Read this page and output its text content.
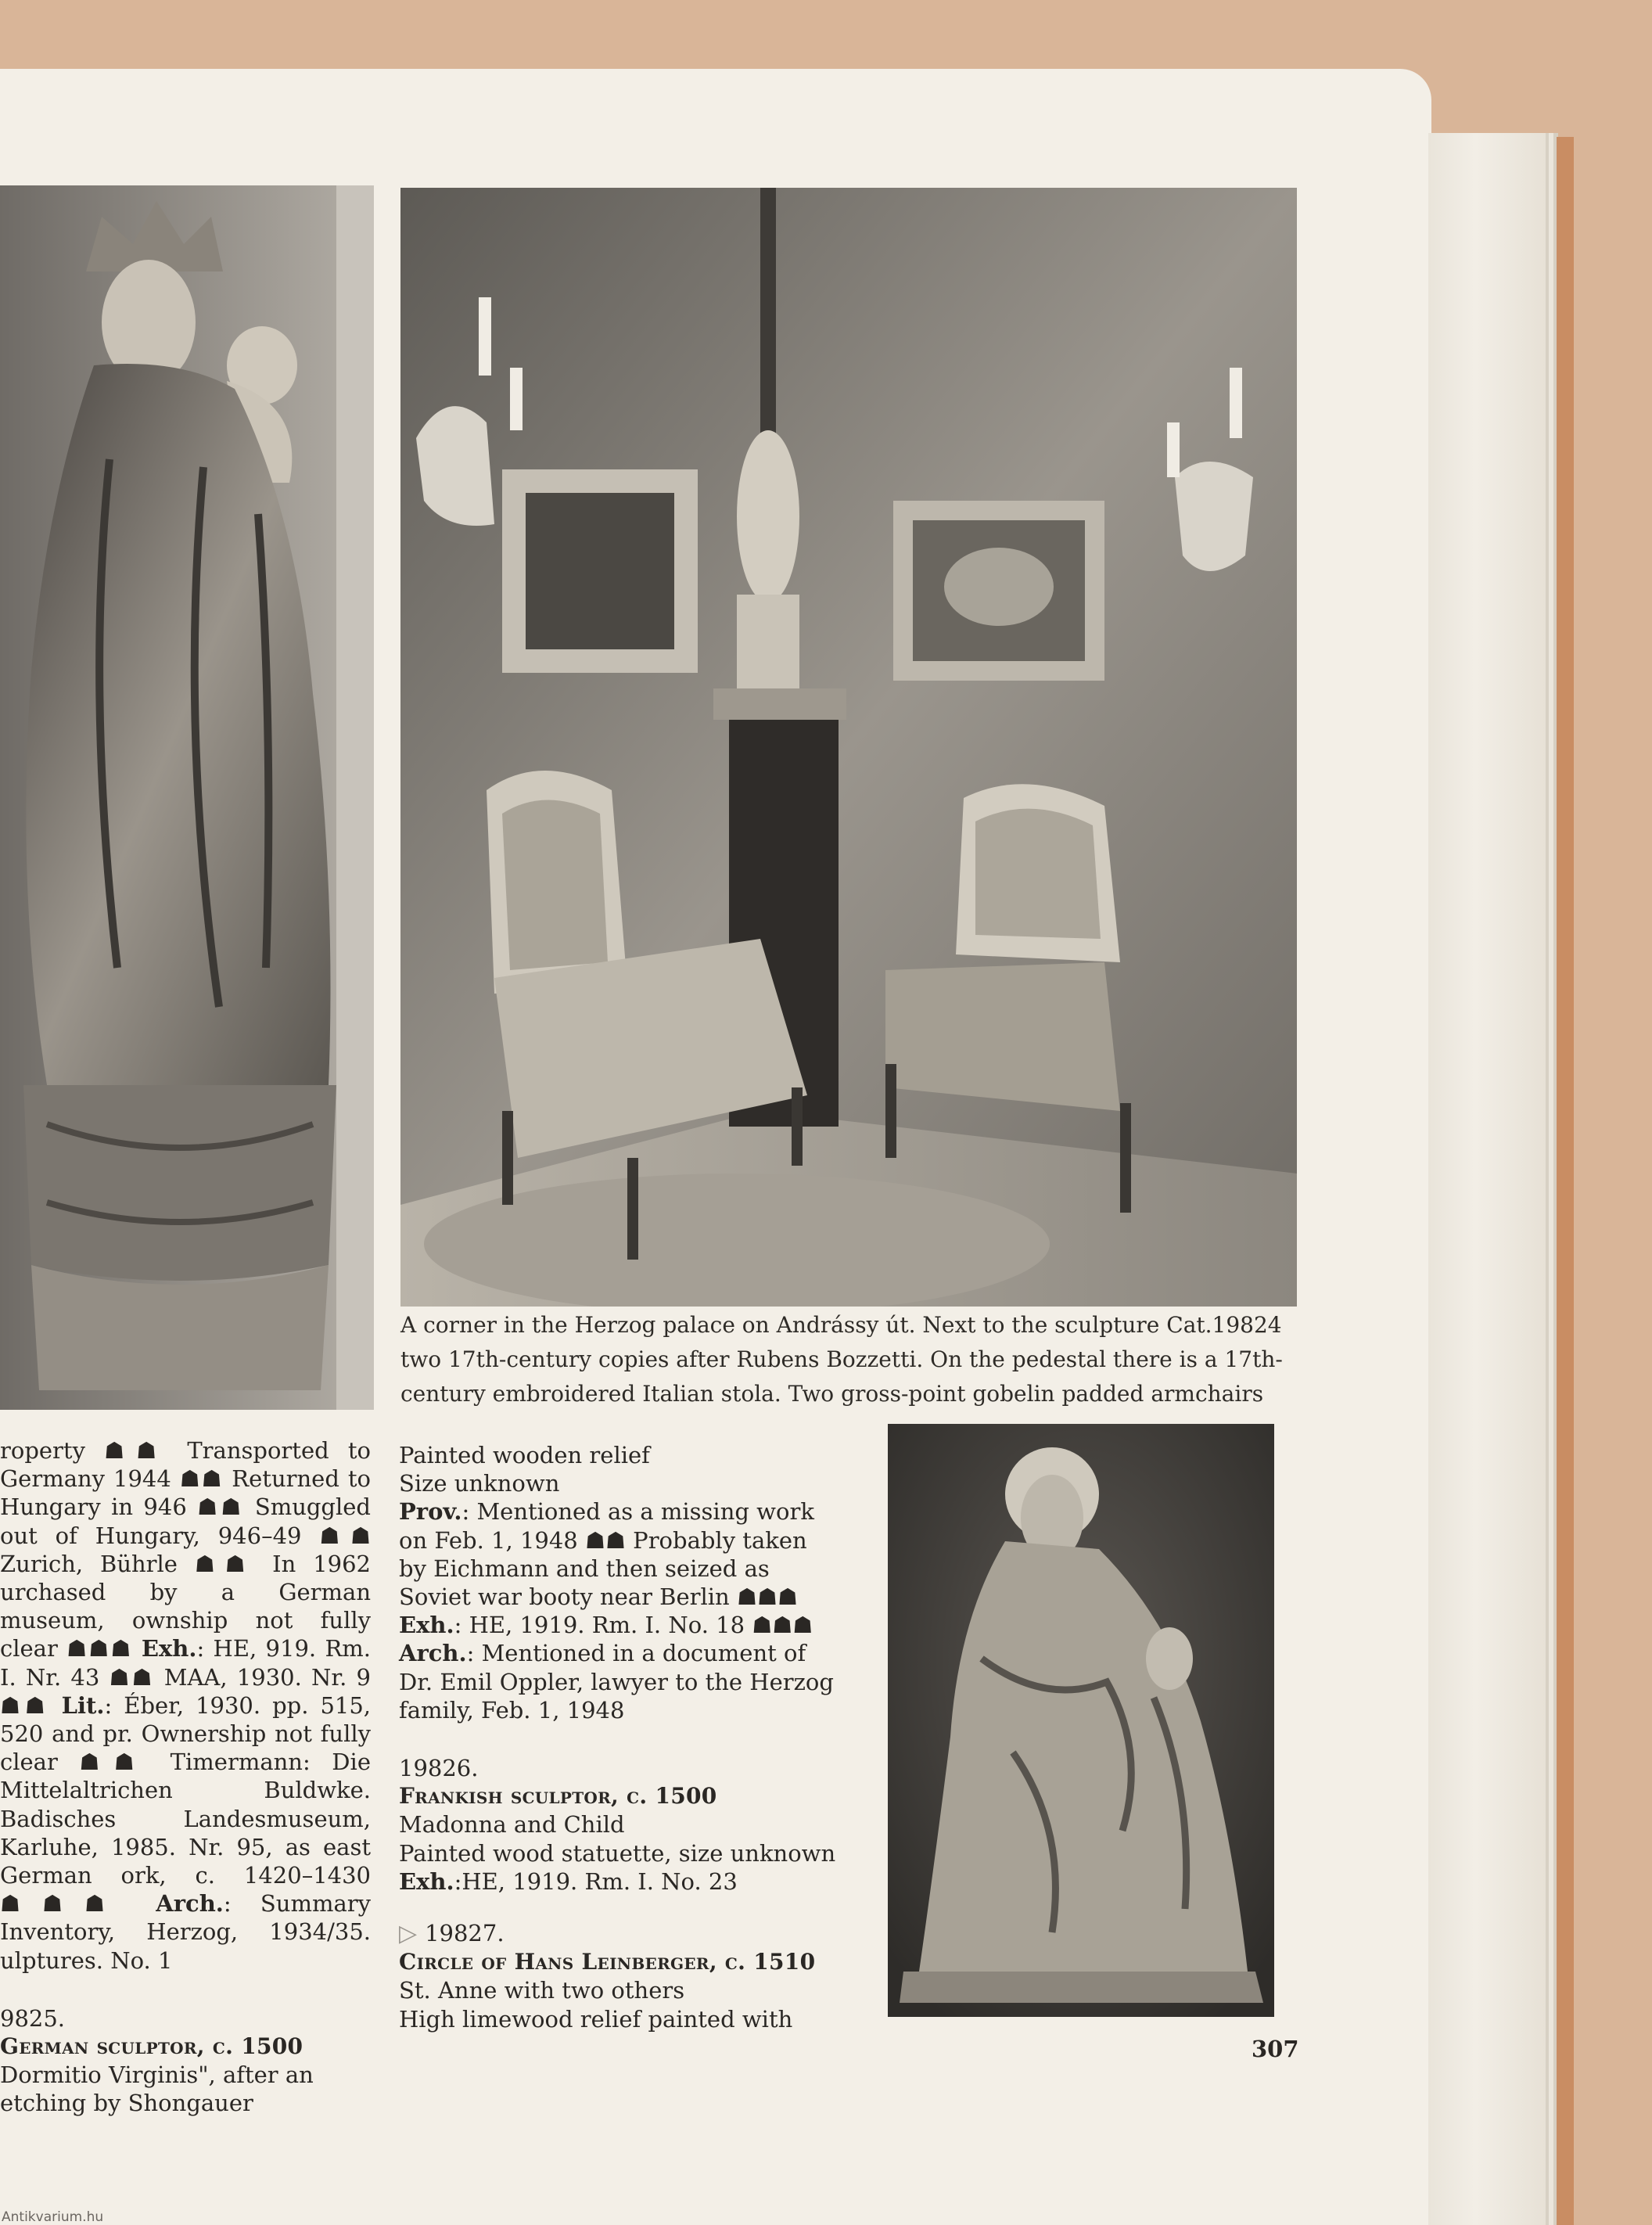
A corner in the Herzog palace on Andrássy út. Next to the sculpture Cat.19824 two 17th-century copies after Rubens Bozzetti. On the pedestal there is a 17th-century embroidered Italian stola. Two gross-point gobelin padded armchairs

roperty ☗☗ Transported to Germany 1944 ☗☗ Returned to Hungary in 946 ☗☗ Smuggled out of Hungary, 946–49 ☗☗ Zurich, Bührle ☗☗ In 1962 urchased by a German museum, ownship not fully clear ☗☗☗ Exh.: HE, 919. Rm. I. Nr. 43 ☗☗ MAA, 1930. Nr. 9 ☗☗ Lit.: Éber, 1930. pp. 515, 520 and pr. Ownership not fully clear ☗☗ Timermann: Die Mittelaltrichen Buldwke. Badisches Landesmuseum, Karluhe, 1985. Nr. 95, as east German ork, c. 1420–1430 ☗☗☗ Arch.: Summary Inventory, Herzog, 1934/35. ulptures. No. 1

9825.

German sculptor, c. 1500

Dormitio Virginis", after an etching by Shongauer

Painted wooden relief

Size unknown

Prov.: Mentioned as a missing work on Feb. 1, 1948 ☗☗ Probably taken by Eichmann and then seized as Soviet war booty near Berlin ☗☗☗ Exh.: HE, 1919. Rm. I. No. 18 ☗☗☗ Arch.: Mentioned in a document of Dr. Emil Oppler, lawyer to the Herzog family, Feb. 1, 1948

19826.

Frankish sculptor, c. 1500

Madonna and Child

Painted wood statuette, size unknown

Exh.:HE, 1919. Rm. I. No. 23

▷ 19827.

Circle of Hans Leinberger, c. 1510

St. Anne with two others

High limewood relief painted with

307
Antikvarium.hu
